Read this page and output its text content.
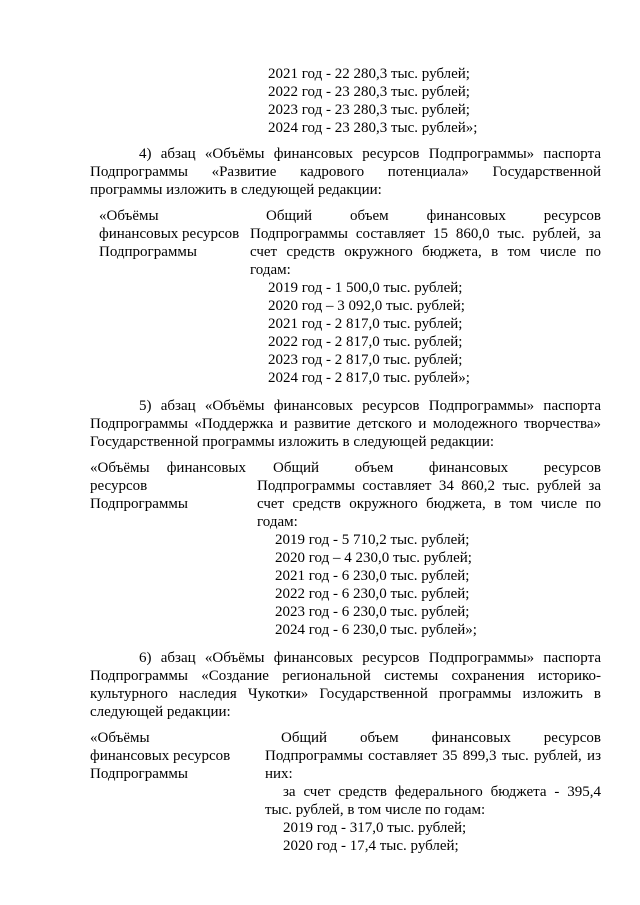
2021 год - 22 280,3 тыс. рублей;
2022 год - 23 280,3 тыс. рублей;
2023 год - 23 280,3 тыс. рублей;
2024 год - 23 280,3 тыс. рублей»;
4) абзац «Объёмы финансовых ресурсов Подпрограммы» паспорта
Подпрограммы «Развитие кадрового потенциала» Государственной
программы изложить в следующей редакции:
«Объёмы
финансовых ресурсов
Подпрограммы
Общий объем финансовых ресурсов
Подпрограммы составляет 15 860,0 тыс. рублей, за
счет средств окружного бюджета, в том числе по
годам:
2019 год - 1 500,0 тыс. рублей;
2020 год – 3 092,0 тыс. рублей;
2021 год - 2 817,0 тыс. рублей;
2022 год - 2 817,0 тыс. рублей;
2023 год - 2 817,0 тыс. рублей;
2024 год - 2 817,0 тыс. рублей»;
5) абзац «Объёмы финансовых ресурсов Подпрограммы» паспорта
Подпрограммы «Поддержка и развитие детского и молодежного творчества»
Государственной программы изложить в следующей редакции:
«Объёмы финансовых
ресурсов
Подпрограммы
Общий объем финансовых ресурсов
Подпрограммы составляет 34 860,2 тыс. рублей за
счет средств окружного бюджета, в том числе по
годам:
2019 год - 5 710,2 тыс. рублей;
2020 год – 4 230,0 тыс. рублей;
2021 год - 6 230,0 тыс. рублей;
2022 год - 6 230,0 тыс. рублей;
2023 год - 6 230,0 тыс. рублей;
2024 год - 6 230,0 тыс. рублей»;
6) абзац «Объёмы финансовых ресурсов Подпрограммы» паспорта
Подпрограммы «Создание региональной системы сохранения историко-
культурного наследия Чукотки» Государственной программы изложить в
следующей редакции:
«Объёмы
финансовых ресурсов
Подпрограммы
Общий объем финансовых ресурсов
Подпрограммы составляет 35 899,3 тыс. рублей, из
них:
за счет средств федерального бюджета - 395,4
тыс. рублей, в том числе по годам:
2019 год - 317,0 тыс. рублей;
2020 год - 17,4 тыс. рублей;
